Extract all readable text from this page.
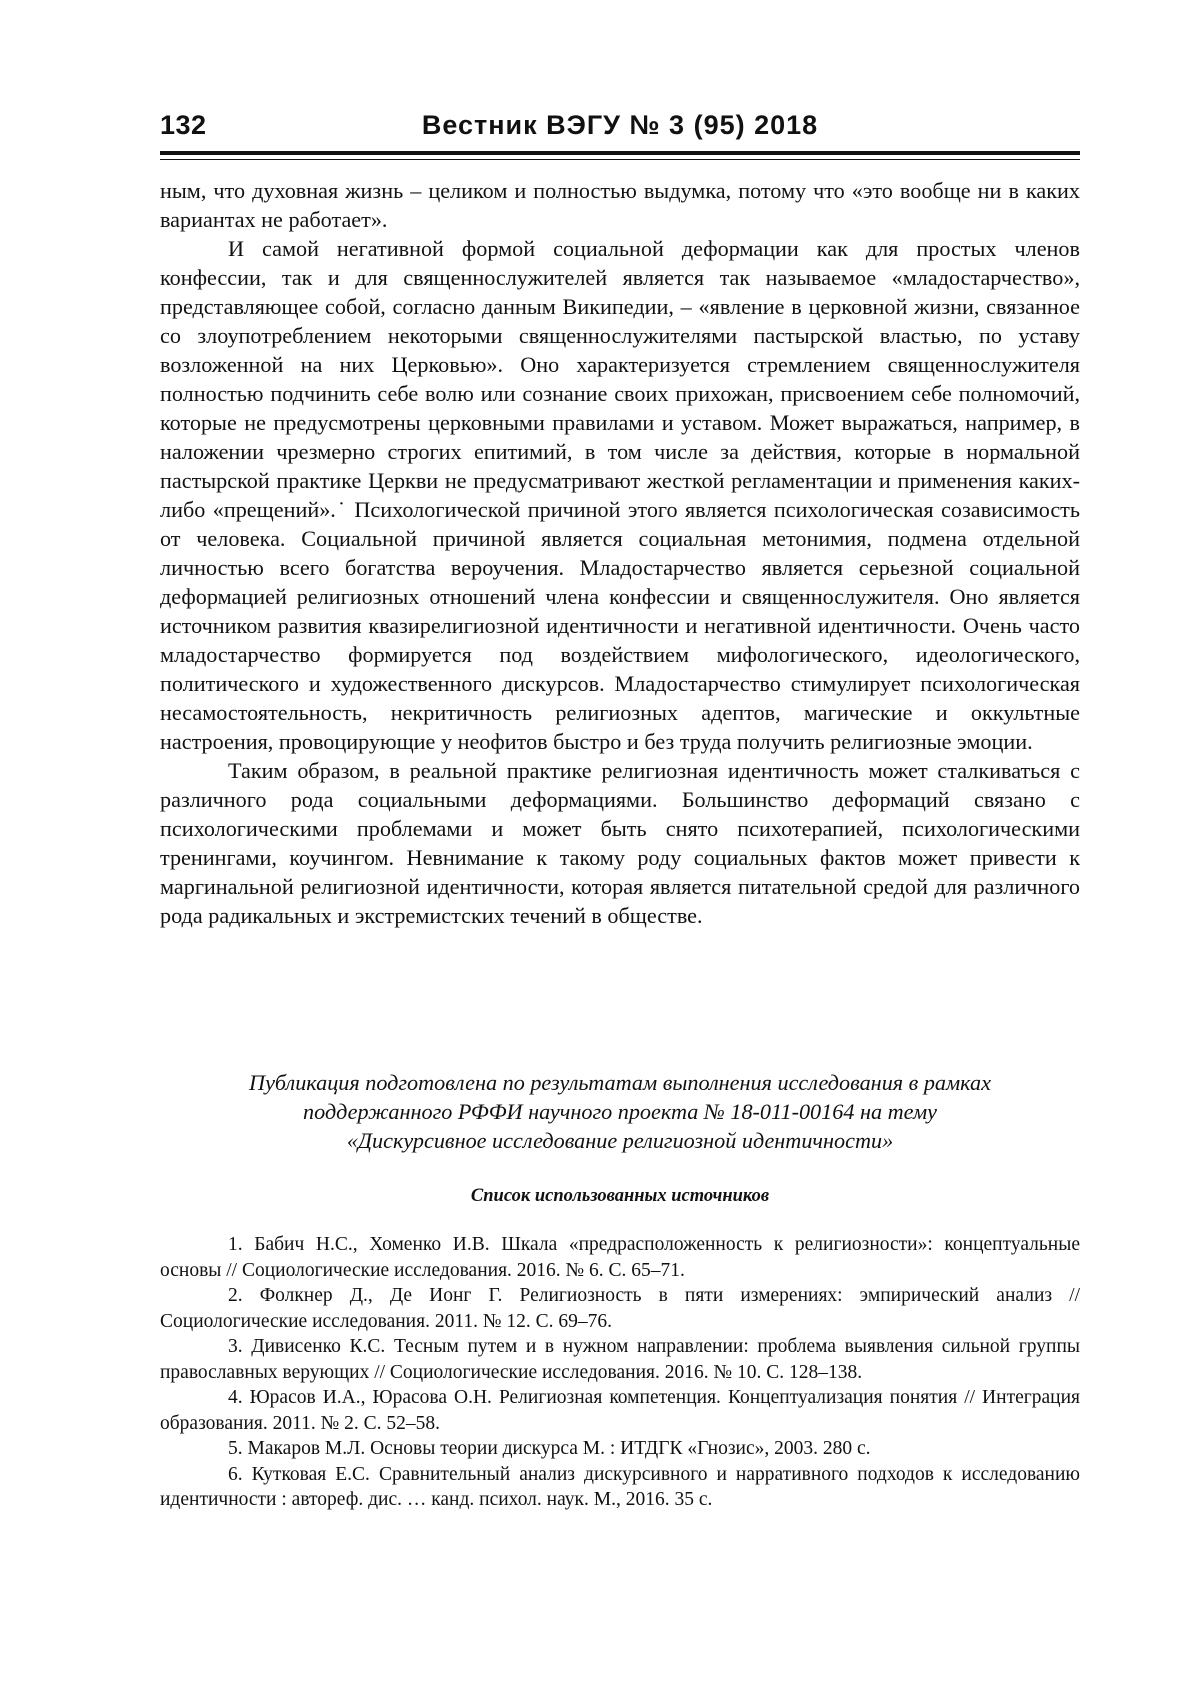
132	Вестник ВЭГУ № 3 (95) 2018

ным, что духовная жизнь – целиком и полностью выдумка, потому что «это вообще ни в каких вариантах не работает».

И самой негативной формой социальной деформации как для простых членов конфессии, так и для священнослужителей является так называемое «младостарчество», представляющее собой, согласно данным Википедии, – «явление в церковной жизни, связанное со злоупотреблением некоторыми священнослужителями пастырской властью, по уставу возложенной на них Церковью». Оно характеризуется стремлением священнослужителя полностью подчинить себе волю или сознание своих прихожан, присвоением себе полномочий, которые не предусмотрены церковными правилами и уставом. Может выражаться, например, в наложении чрезмерно строгих епитимий, в том числе за действия, которые в нормальной пастырской практике Церкви не предусматривают жесткой регламентации и применения каких-либо «прещений».˙ Психологической причиной этого является психологическая созависимость от человека. Социальной причиной является социальная метонимия, подмена отдельной личностью всего богатства вероучения. Младостарчество является серьезной социальной деформацией религиозных отношений члена конфессии и священнослужителя. Оно является источником развития квазирелигиозной идентичности и негативной идентичности. Очень часто младостарчество формируется под воздействием мифологического, идеологического, политического и художественного дискурсов. Младостарчество стимулирует психологическая несамостоятельность, некритичность религиозных адептов, магические и оккультные настроения, провоцирующие у неофитов быстро и без труда получить религиозные эмоции.

Таким образом, в реальной практике религиозная идентичность может сталкиваться с различного рода социальными деформациями. Большинство деформаций связано с психологическими проблемами и может быть снято психотерапией, психологическими тренингами, коучингом. Невнимание к такому роду социальных фактов может привести к маргинальной религиозной идентичности, которая является питательной средой для различного рода радикальных и экстремистских течений в обществе.

Публикация подготовлена по результатам выполнения исследования в рамках
поддержанного РФФИ научного проекта № 18-011-00164 на тему
«Дискурсивное исследование религиозной идентичности»
Список использованных источников

1. Бабич Н.С., Хоменко И.В. Шкала «предрасположенность к религиозности»: концептуальные основы // Социологические исследования. 2016. № 6. С. 65–71.

2. Фолкнер Д., Де Ионг Г. Религиозность в пяти измерениях: эмпирический анализ // Социологические исследования. 2011. № 12. С. 69–76.

3. Дивисенко К.С. Тесным путем и в нужном направлении: проблема выявления сильной группы православных верующих // Социологические исследования. 2016. № 10. С. 128–138.

4. Юрасов И.А., Юрасова О.Н. Религиозная компетенция. Концептуализация понятия // Интеграция образования. 2011. № 2. С. 52–58.

5. Макаров М.Л. Основы теории дискурса М. : ИТДГК «Гнозис», 2003. 280 с.

6. Кутковая Е.С. Сравнительный анализ дискурсивного и нарративного подходов к исследованию идентичности : автореф. дис. … канд. психол. наук. М., 2016. 35 с.
